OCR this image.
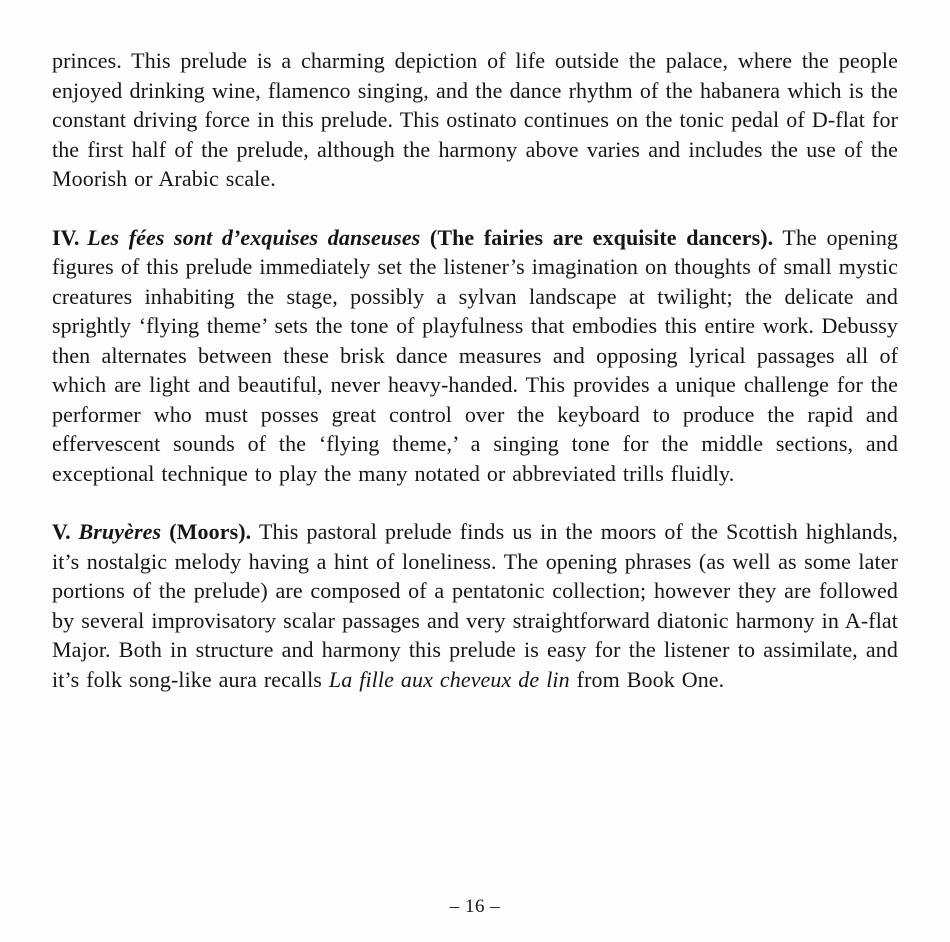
princes. This prelude is a charming depiction of life outside the palace, where the people enjoyed drinking wine, flamenco singing, and the dance rhythm of the habanera which is the constant driving force in this prelude. This ostinato continues on the tonic pedal of D-flat for the first half of the prelude, although the harmony above varies and includes the use of the Moorish or Arabic scale.

IV. Les fées sont d’exquises danseuses (The fairies are exquisite dancers). The opening figures of this prelude immediately set the listener’s imagination on thoughts of small mystic creatures inhabiting the stage, possibly a sylvan landscape at twilight; the delicate and sprightly ‘flying theme’ sets the tone of playfulness that embodies this entire work. Debussy then alternates between these brisk dance measures and opposing lyrical passages all of which are light and beautiful, never heavy-handed. This provides a unique challenge for the performer who must posses great control over the keyboard to produce the rapid and effervescent sounds of the ‘flying theme,’ a singing tone for the middle sections, and exceptional technique to play the many notated or abbreviated trills fluidly.

V. Bruyères (Moors). This pastoral prelude finds us in the moors of the Scottish highlands, it’s nostalgic melody having a hint of loneliness. The opening phrases (as well as some later portions of the prelude) are composed of a pentatonic collection; however they are followed by several improvisatory scalar passages and very straightforward diatonic harmony in A-flat Major. Both in structure and harmony this prelude is easy for the listener to assimilate, and it’s folk song-like aura recalls La fille aux cheveux de lin from Book One.

– 16 –
